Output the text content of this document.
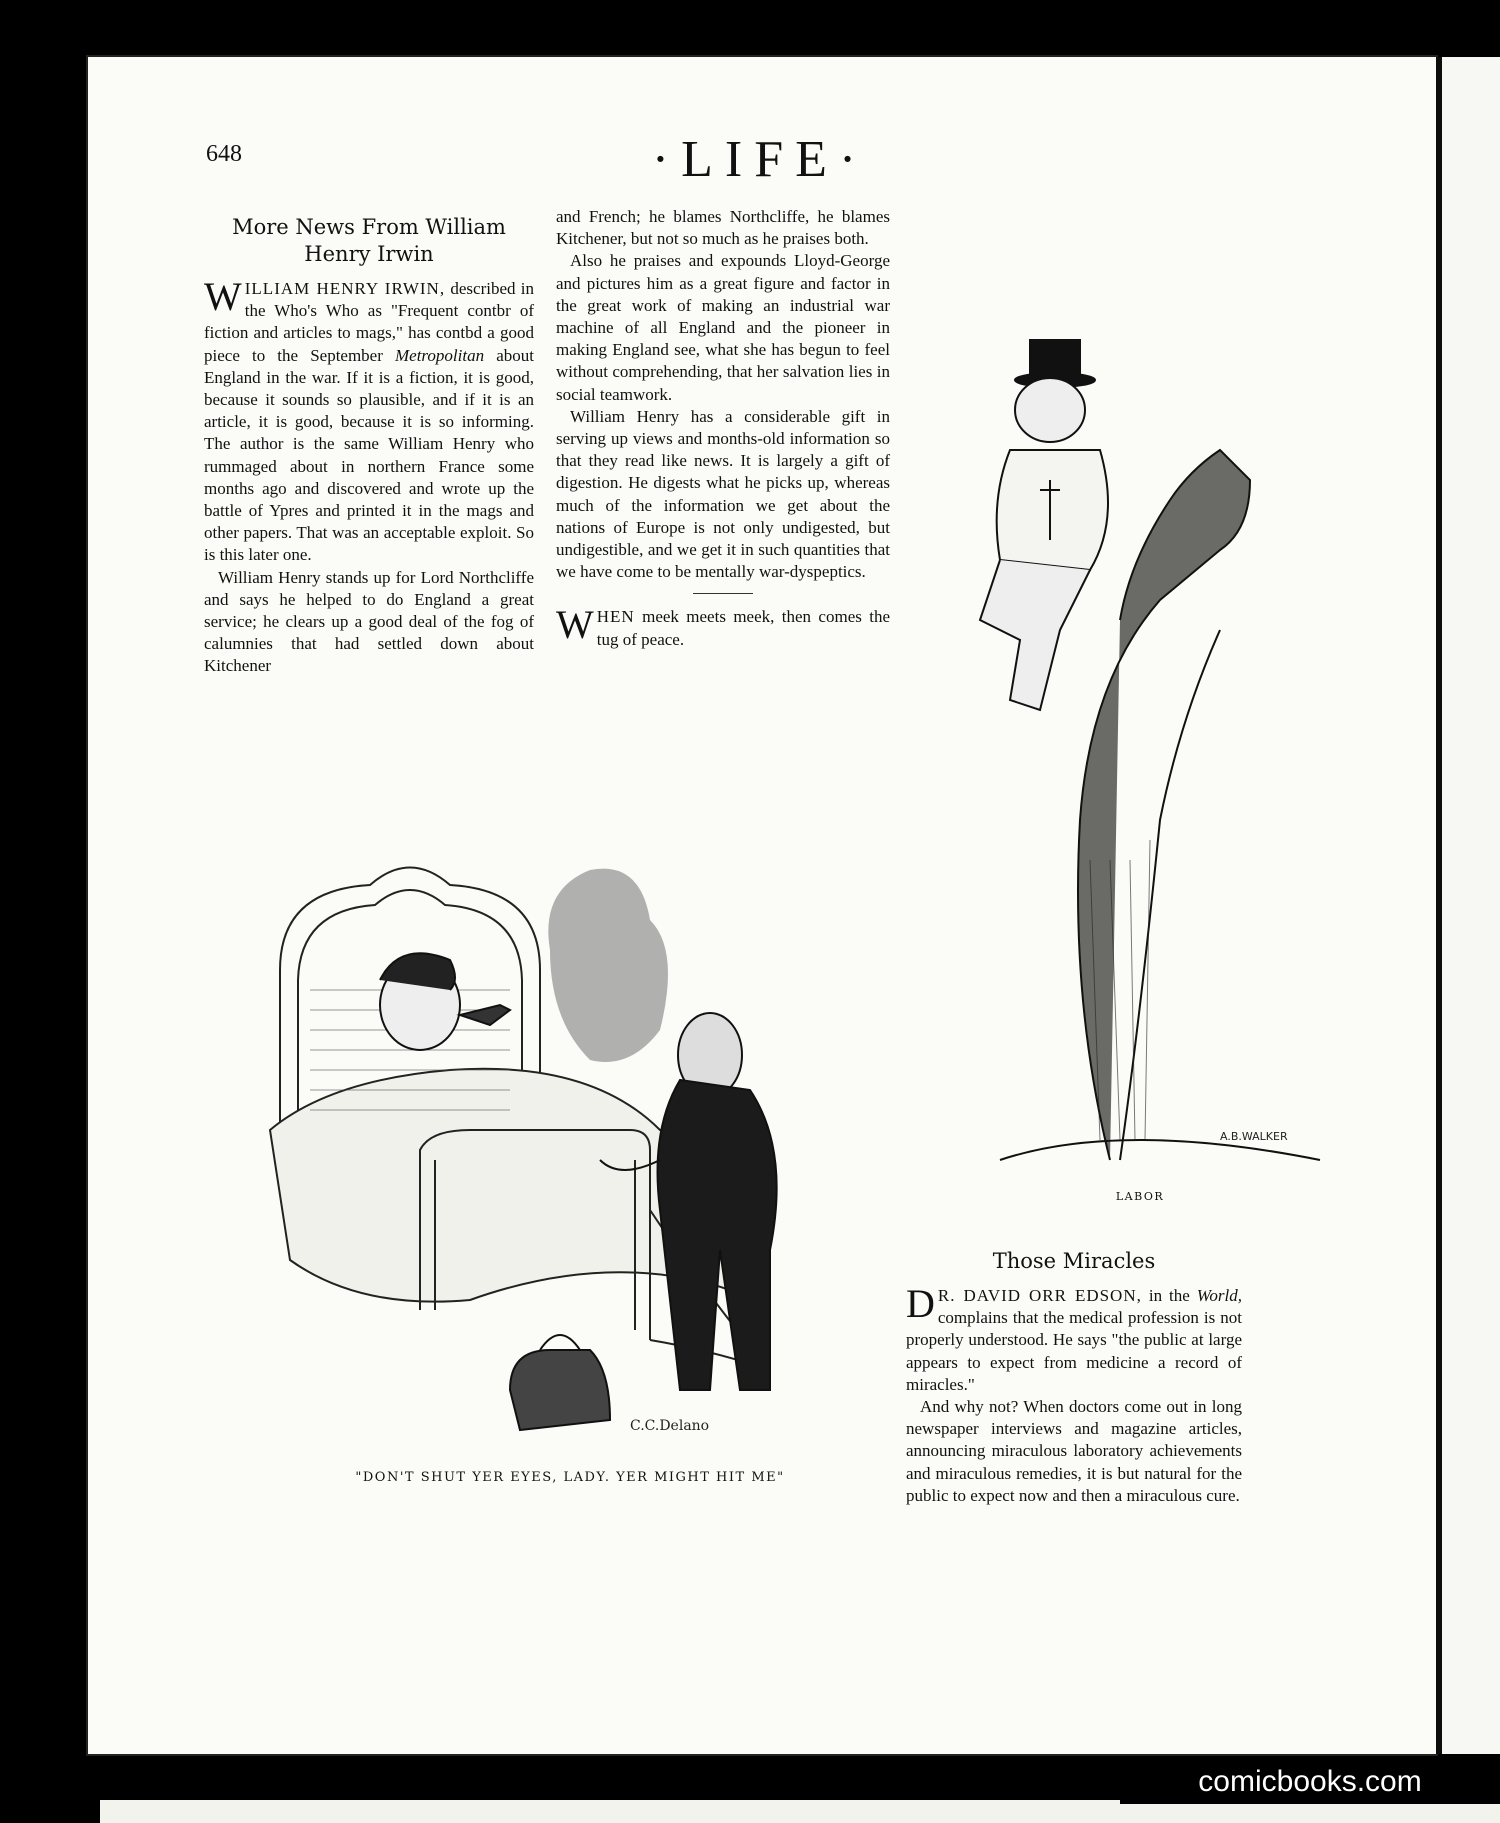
648	·LIFE·
More News From William Henry Irwin

WILLIAM HENRY IRWIN, described in the Who's Who as "Frequent contbr of fiction and articles to mags," has contbd a good piece to the September Metropolitan about England in the war. If it is a fiction, it is good, because it sounds so plausible, and if it is an article, it is good, because it is so informing. The author is the same William Henry who rummaged about in northern France some months ago and discovered and wrote up the battle of Ypres and printed it in the mags and other papers. That was an acceptable exploit. So is this later one.

William Henry stands up for Lord Northcliffe and says he helped to do England a great service; he clears up a good deal of the fog of calumnies that had settled down about Kitchener

and French; he blames Northcliffe, he blames Kitchener, but not so much as he praises both.

Also he praises and expounds Lloyd-George and pictures him as a great figure and factor in the great work of making an industrial war machine of all England and the pioneer in making England see, what she has begun to feel without comprehending, that her salvation lies in social teamwork.

William Henry has a considerable gift in serving up views and months-old information so that they read like news. It is largely a gift of digestion. He digests what he picks up, whereas much of the information we get about the nations of Europe is not only undigested, but undigestible, and we get it in such quantities that we have come to be mentally war-dyspeptics.

WHEN meek meets meek, then comes the tug of peace.

Those Miracles

D R. DAVID ORR EDSON, in the World, complains that the medical profession is not properly understood. He says "the public at large appears to expect from medicine a record of miracles."

And why not? When doctors come out in long newspaper interviews and magazine articles, announcing miraculous laboratory achievements and miraculous remedies, it is but natural for the public to expect now and then a miraculous cure.

C.C.Delano
"DON'T SHUT YER EYES, LADY. YER MIGHT HIT ME"
A.B.WALKER
LABOR
comicbooks.com
